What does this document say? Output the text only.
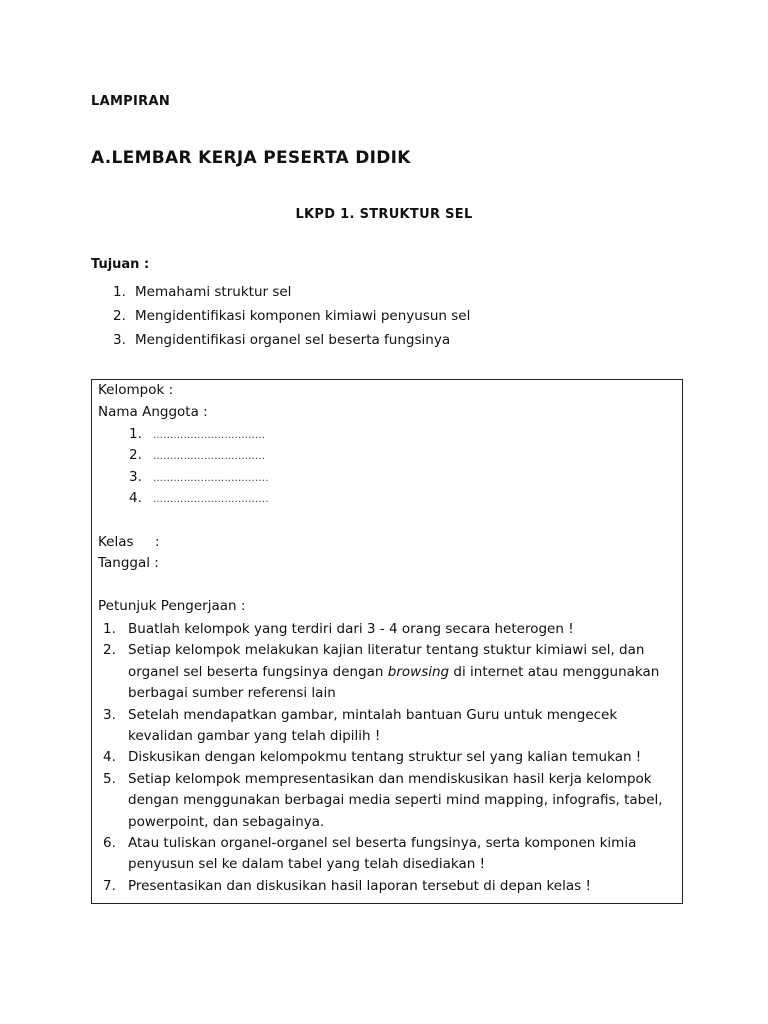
LAMPIRAN
A.LEMBAR KERJA PESERTA DIDIK
LKPD 1. STRUKTUR SEL
Tujuan :
1. Memahami struktur sel
2. Mengidentifikasi komponen kimiawi penyusun sel
3. Mengidentifikasi organel sel beserta fungsinya
Kelompok :
Nama Anggota :
1. ……………………………
2. ……………………………
3. …………………………….
4. …………………………….
Kelas     :
Tanggal :
Petunjuk Pengerjaan :
1. Buatlah kelompok yang terdiri dari 3 - 4 orang secara heterogen !
2. Setiap kelompok melakukan kajian literatur tentang stuktur kimiawi sel, dan organel sel beserta fungsinya dengan browsing di internet atau menggunakan berbagai sumber referensi lain
3. Setelah mendapatkan gambar, mintalah bantuan Guru untuk mengecek kevalidan gambar yang telah dipilih !
4. Diskusikan dengan kelompokmu tentang struktur sel yang kalian temukan !
5. Setiap kelompok mempresentasikan dan mendiskusikan hasil kerja kelompok dengan menggunakan berbagai media seperti mind mapping, infografis, tabel, powerpoint, dan sebagainya.
6. Atau tuliskan organel-organel sel beserta fungsinya, serta komponen kimia penyusun sel ke dalam tabel yang telah disediakan !
7. Presentasikan dan diskusikan hasil laporan tersebut di depan kelas !
